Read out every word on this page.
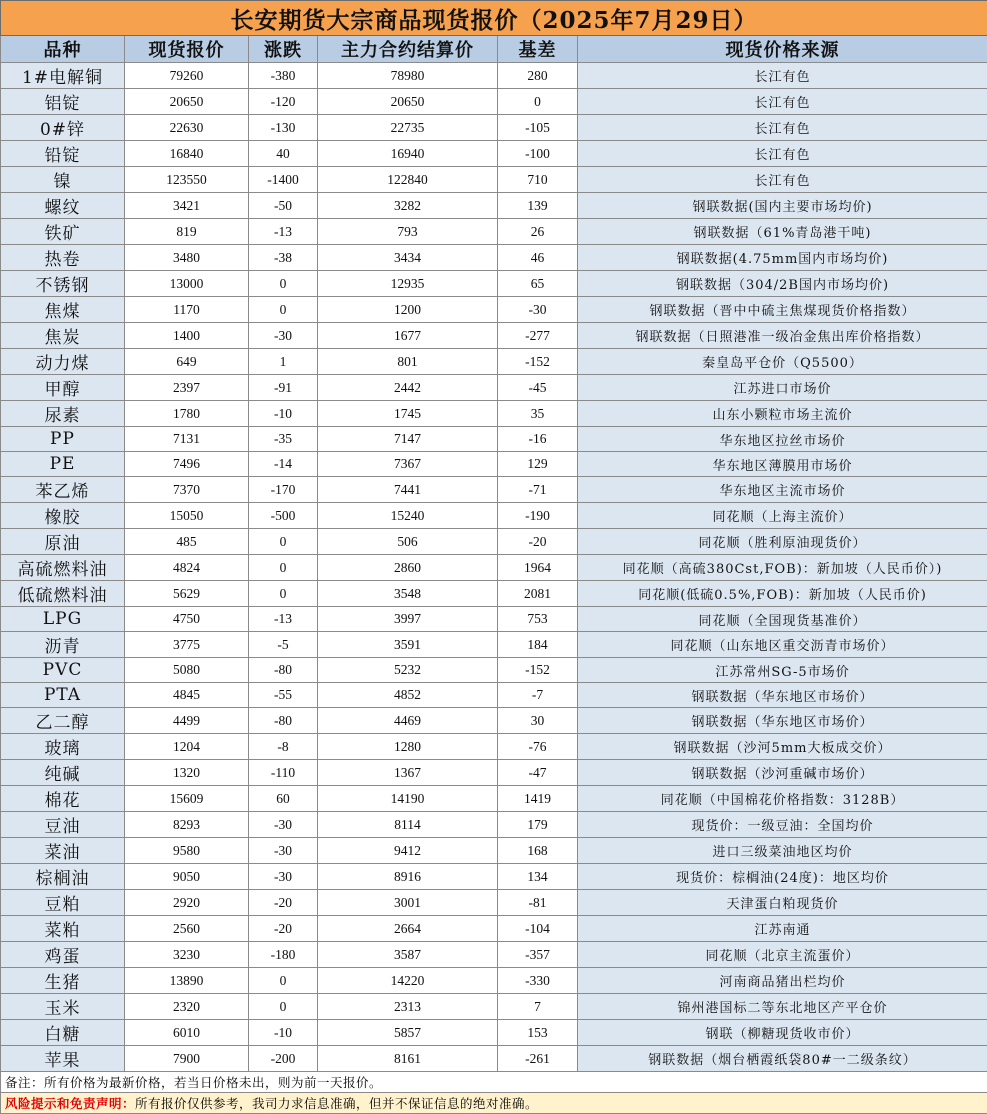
长安期货大宗商品现货报价（2025年7月29日）					
品种	现货报价	涨跌	主力合约结算价	基差	现货价格来源
1#电解铜	79260	-380	78980	280	长江有色
铝锭	20650	-120	20650	0	长江有色
0#锌	22630	-130	22735	-105	长江有色
铅锭	16840	40	16940	-100	长江有色
镍	123550	-1400	122840	710	长江有色
螺纹	3421	-50	3282	139	钢联数据(国内主要市场均价)
铁矿	819	-13	793	26	钢联数据（61%青岛港干吨)
热卷	3480	-38	3434	46	钢联数据(4.75mm国内市场均价)
不锈钢	13000	0	12935	65	钢联数据（304/2B国内市场均价)
焦煤	1170	0	1200	-30	钢联数据（晋中中硫主焦煤现货价格指数）
焦炭	1400	-30	1677	-277	钢联数据（日照港准一级冶金焦出库价格指数）
动力煤	649	1	801	-152	秦皇岛平仓价（Q5500）
甲醇	2397	-91	2442	-45	江苏进口市场价
尿素	1780	-10	1745	35	山东小颗粒市场主流价
PP	7131	-35	7147	-16	华东地区拉丝市场价
PE	7496	-14	7367	129	华东地区薄膜用市场价
苯乙烯	7370	-170	7441	-71	华东地区主流市场价
橡胶	15050	-500	15240	-190	同花顺（上海主流价）
原油	485	0	506	-20	同花顺（胜利原油现货价）
高硫燃料油	4824	0	2860	1964	同花顺（高硫380Cst,FOB)：新加坡（人民币价）)
低硫燃料油	5629	0	3548	2081	同花顺(低硫0.5%,FOB)：新加坡（人民币价)
LPG	4750	-13	3997	753	同花顺（全国现货基准价）
沥青	3775	-5	3591	184	同花顺（山东地区重交沥青市场价）
PVC	5080	-80	5232	-152	江苏常州SG-5市场价
PTA	4845	-55	4852	-7	钢联数据（华东地区市场价）
乙二醇	4499	-80	4469	30	钢联数据（华东地区市场价）
玻璃	1204	-8	1280	-76	钢联数据（沙河5mm大板成交价）
纯碱	1320	-110	1367	-47	钢联数据（沙河重碱市场价）
棉花	15609	60	14190	1419	同花顺（中国棉花价格指数：3128B）
豆油	8293	-30	8114	179	现货价：一级豆油：全国均价
菜油	9580	-30	9412	168	进口三级菜油地区均价
棕榈油	9050	-30	8916	134	现货价：棕榈油(24度)：地区均价
豆粕	2920	-20	3001	-81	天津蛋白粕现货价
菜粕	2560	-20	2664	-104	江苏南通
鸡蛋	3230	-180	3587	-357	同花顺（北京主流蛋价）
生猪	13890	0	14220	-330	河南商品猪出栏均价
玉米	2320	0	2313	7	锦州港国标二等东北地区产平仓价
白糖	6010	-10	5857	153	钢联（柳糖现货收市价）
苹果	7900	-200	8161	-261	钢联数据（烟台栖霞纸袋80#一二级条纹）
备注：所有价格为最新价格，若当日价格未出，则为前一天报价。					
风险提示和免责声明：所有报价仅供参考，我司力求信息准确，但并不保证信息的绝对准确。					
